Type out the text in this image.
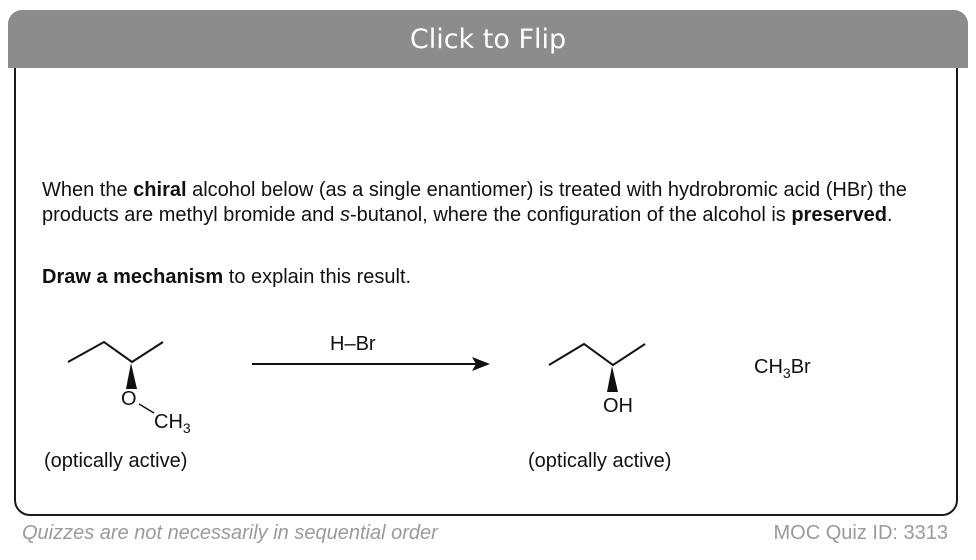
Click to Flip
When the chiral alcohol below (as a single enantiomer) is treated with hydrobromic acid (HBr) the products are methyl bromide and s-butanol, where the configuration of the alcohol is preserved.
Draw a mechanism to explain this result.
O
$CH_3$
(optically active)
H–Br
OH
(optically active)
$CH_3Br$
Quizzes are not necessarily in sequential order	MOC Quiz ID: 3313
